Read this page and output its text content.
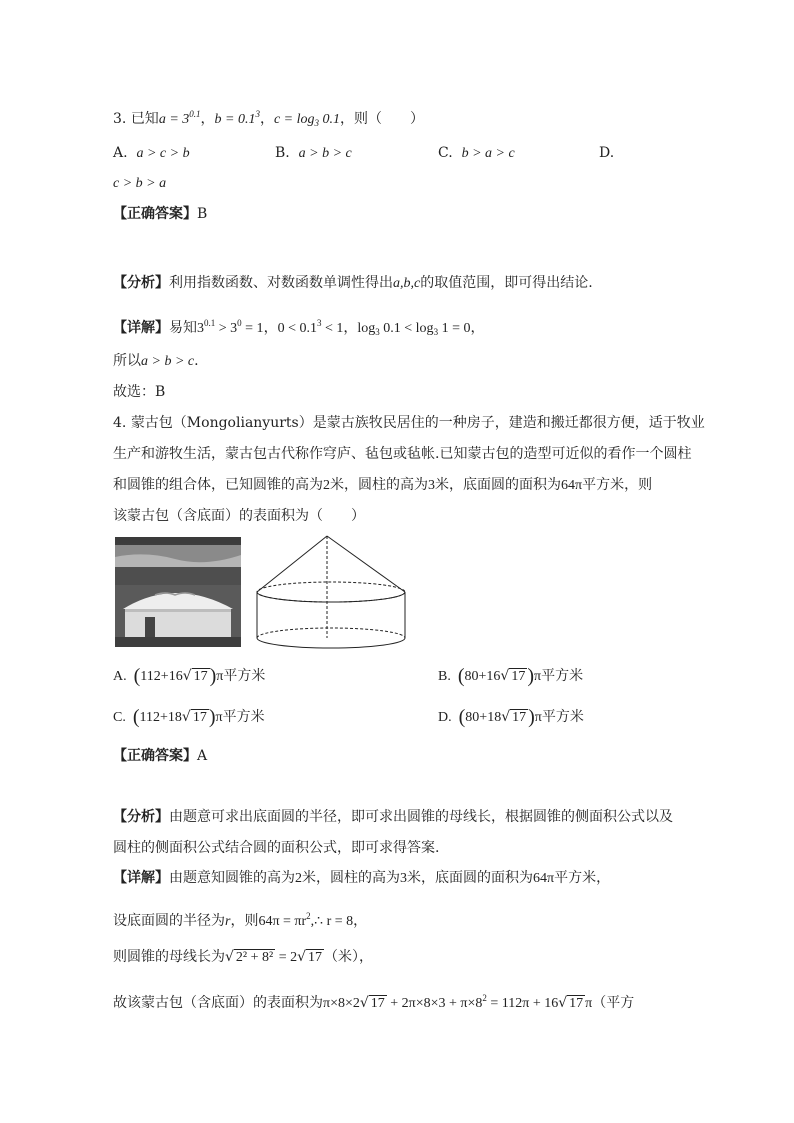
3. 已知$a = 3^{0.1}$，$b = 0.1^3$，$c = \log_3 0.1$，则（　　）
A. a > c > b	B. a > b > c	C. b > a > c	D.
c > b > a
【正确答案】B
【分析】利用指数函数、对数函数单调性得出a,b,c的取值范围，即可得出结论.
【详解】易知$3^{0.1} > 3^0 = 1$，$0 < 0.1^3 < 1$，$\log_3 0.1 < \log_3 1 = 0$，
所以a > b > c.
故选：B
4. 蒙古包（Mongolianyurts）是蒙古族牧民居住的一种房子，建造和搬迁都很方便，适于牧业
生产和游牧生活，蒙古包古代称作穹庐、毡包或毡帐.已知蒙古包的造型可近似的看作一个圆柱
和圆锥的组合体，已知圆锥的高为2米，圆柱的高为3米，底面圆的面积为64π平方米，则
该蒙古包（含底面）的表面积为（　　）
A. (112+16√ 17 )π平方米	B. (80+16√ 17 )π平方米
C. (112+18√ 17 )π平方米	D. (80+18√ 17 )π平方米
【正确答案】A
【分析】由题意可求出底面圆的半径，即可求出圆锥的母线长，根据圆锥的侧面积公式以及
圆柱的侧面积公式结合圆的面积公式，即可求得答案.
【详解】由题意知圆锥的高为2米，圆柱的高为3米，底面圆的面积为64π平方米，
设底面圆的半径为r，则$64\pi = \pi r^2,\therefore$ r = 8，
则圆锥的母线长为√ 2² + 8² = 2√ 17 （米），
故该蒙古包（含底面）的表面积为π×8×2√ $17 + 2\pi\times 8\times 3 + \pi\times 8^2 = 112\pi + 16√$ 17 π（平方
